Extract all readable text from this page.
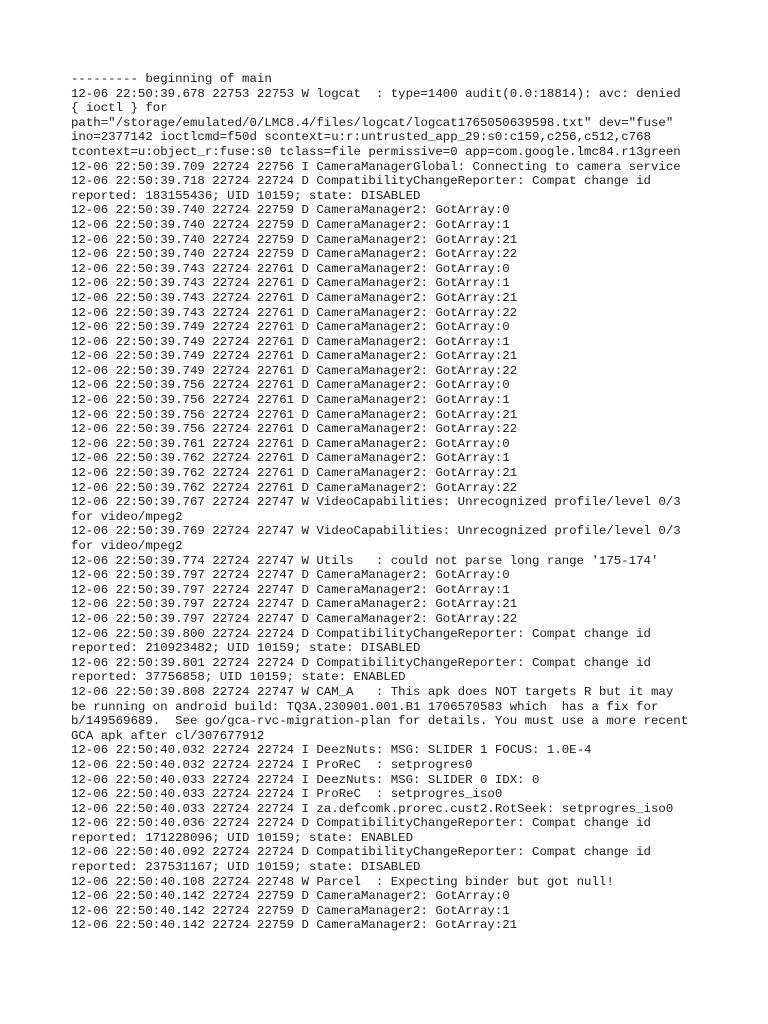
--------- beginning of main
12-06 22:50:39.678 22753 22753 W logcat  : type=1400 audit(0.0:18814): avc: denied
{ ioctl } for
path="/storage/emulated/0/LMC8.4/files/logcat/logcat1765050639598.txt" dev="fuse"
ino=2377142 ioctlcmd=f50d scontext=u:r:untrusted_app_29:s0:c159,c256,c512,c768
tcontext=u:object_r:fuse:s0 tclass=file permissive=0 app=com.google.lmc84.r13green
12-06 22:50:39.709 22724 22756 I CameraManagerGlobal: Connecting to camera service
12-06 22:50:39.718 22724 22724 D CompatibilityChangeReporter: Compat change id
reported: 183155436; UID 10159; state: DISABLED
12-06 22:50:39.740 22724 22759 D CameraManager2: GotArray:0
12-06 22:50:39.740 22724 22759 D CameraManager2: GotArray:1
12-06 22:50:39.740 22724 22759 D CameraManager2: GotArray:21
12-06 22:50:39.740 22724 22759 D CameraManager2: GotArray:22
12-06 22:50:39.743 22724 22761 D CameraManager2: GotArray:0
12-06 22:50:39.743 22724 22761 D CameraManager2: GotArray:1
12-06 22:50:39.743 22724 22761 D CameraManager2: GotArray:21
12-06 22:50:39.743 22724 22761 D CameraManager2: GotArray:22
12-06 22:50:39.749 22724 22761 D CameraManager2: GotArray:0
12-06 22:50:39.749 22724 22761 D CameraManager2: GotArray:1
12-06 22:50:39.749 22724 22761 D CameraManager2: GotArray:21
12-06 22:50:39.749 22724 22761 D CameraManager2: GotArray:22
12-06 22:50:39.756 22724 22761 D CameraManager2: GotArray:0
12-06 22:50:39.756 22724 22761 D CameraManager2: GotArray:1
12-06 22:50:39.756 22724 22761 D CameraManager2: GotArray:21
12-06 22:50:39.756 22724 22761 D CameraManager2: GotArray:22
12-06 22:50:39.761 22724 22761 D CameraManager2: GotArray:0
12-06 22:50:39.762 22724 22761 D CameraManager2: GotArray:1
12-06 22:50:39.762 22724 22761 D CameraManager2: GotArray:21
12-06 22:50:39.762 22724 22761 D CameraManager2: GotArray:22
12-06 22:50:39.767 22724 22747 W VideoCapabilities: Unrecognized profile/level 0/3
for video/mpeg2
12-06 22:50:39.769 22724 22747 W VideoCapabilities: Unrecognized profile/level 0/3
for video/mpeg2
12-06 22:50:39.774 22724 22747 W Utils   : could not parse long range '175-174'
12-06 22:50:39.797 22724 22747 D CameraManager2: GotArray:0
12-06 22:50:39.797 22724 22747 D CameraManager2: GotArray:1
12-06 22:50:39.797 22724 22747 D CameraManager2: GotArray:21
12-06 22:50:39.797 22724 22747 D CameraManager2: GotArray:22
12-06 22:50:39.800 22724 22724 D CompatibilityChangeReporter: Compat change id
reported: 210923482; UID 10159; state: DISABLED
12-06 22:50:39.801 22724 22724 D CompatibilityChangeReporter: Compat change id
reported: 37756858; UID 10159; state: ENABLED
12-06 22:50:39.808 22724 22747 W CAM_A   : This apk does NOT targets R but it may
be running on android build: TQ3A.230901.001.B1 1706570583 which  has a fix for
b/149569689.  See go/gca-rvc-migration-plan for details. You must use a more recent
GCA apk after cl/307677912
12-06 22:50:40.032 22724 22724 I DeezNuts: MSG: SLIDER 1 FOCUS: 1.0E-4
12-06 22:50:40.032 22724 22724 I ProReC  : setprogres0
12-06 22:50:40.033 22724 22724 I DeezNuts: MSG: SLIDER 0 IDX: 0
12-06 22:50:40.033 22724 22724 I ProReC  : setprogres_iso0
12-06 22:50:40.033 22724 22724 I za.defcomk.prorec.cust2.RotSeek: setprogres_iso0
12-06 22:50:40.036 22724 22724 D CompatibilityChangeReporter: Compat change id
reported: 171228096; UID 10159; state: ENABLED
12-06 22:50:40.092 22724 22724 D CompatibilityChangeReporter: Compat change id
reported: 237531167; UID 10159; state: DISABLED
12-06 22:50:40.108 22724 22748 W Parcel  : Expecting binder but got null!
12-06 22:50:40.142 22724 22759 D CameraManager2: GotArray:0
12-06 22:50:40.142 22724 22759 D CameraManager2: GotArray:1
12-06 22:50:40.142 22724 22759 D CameraManager2: GotArray:21
